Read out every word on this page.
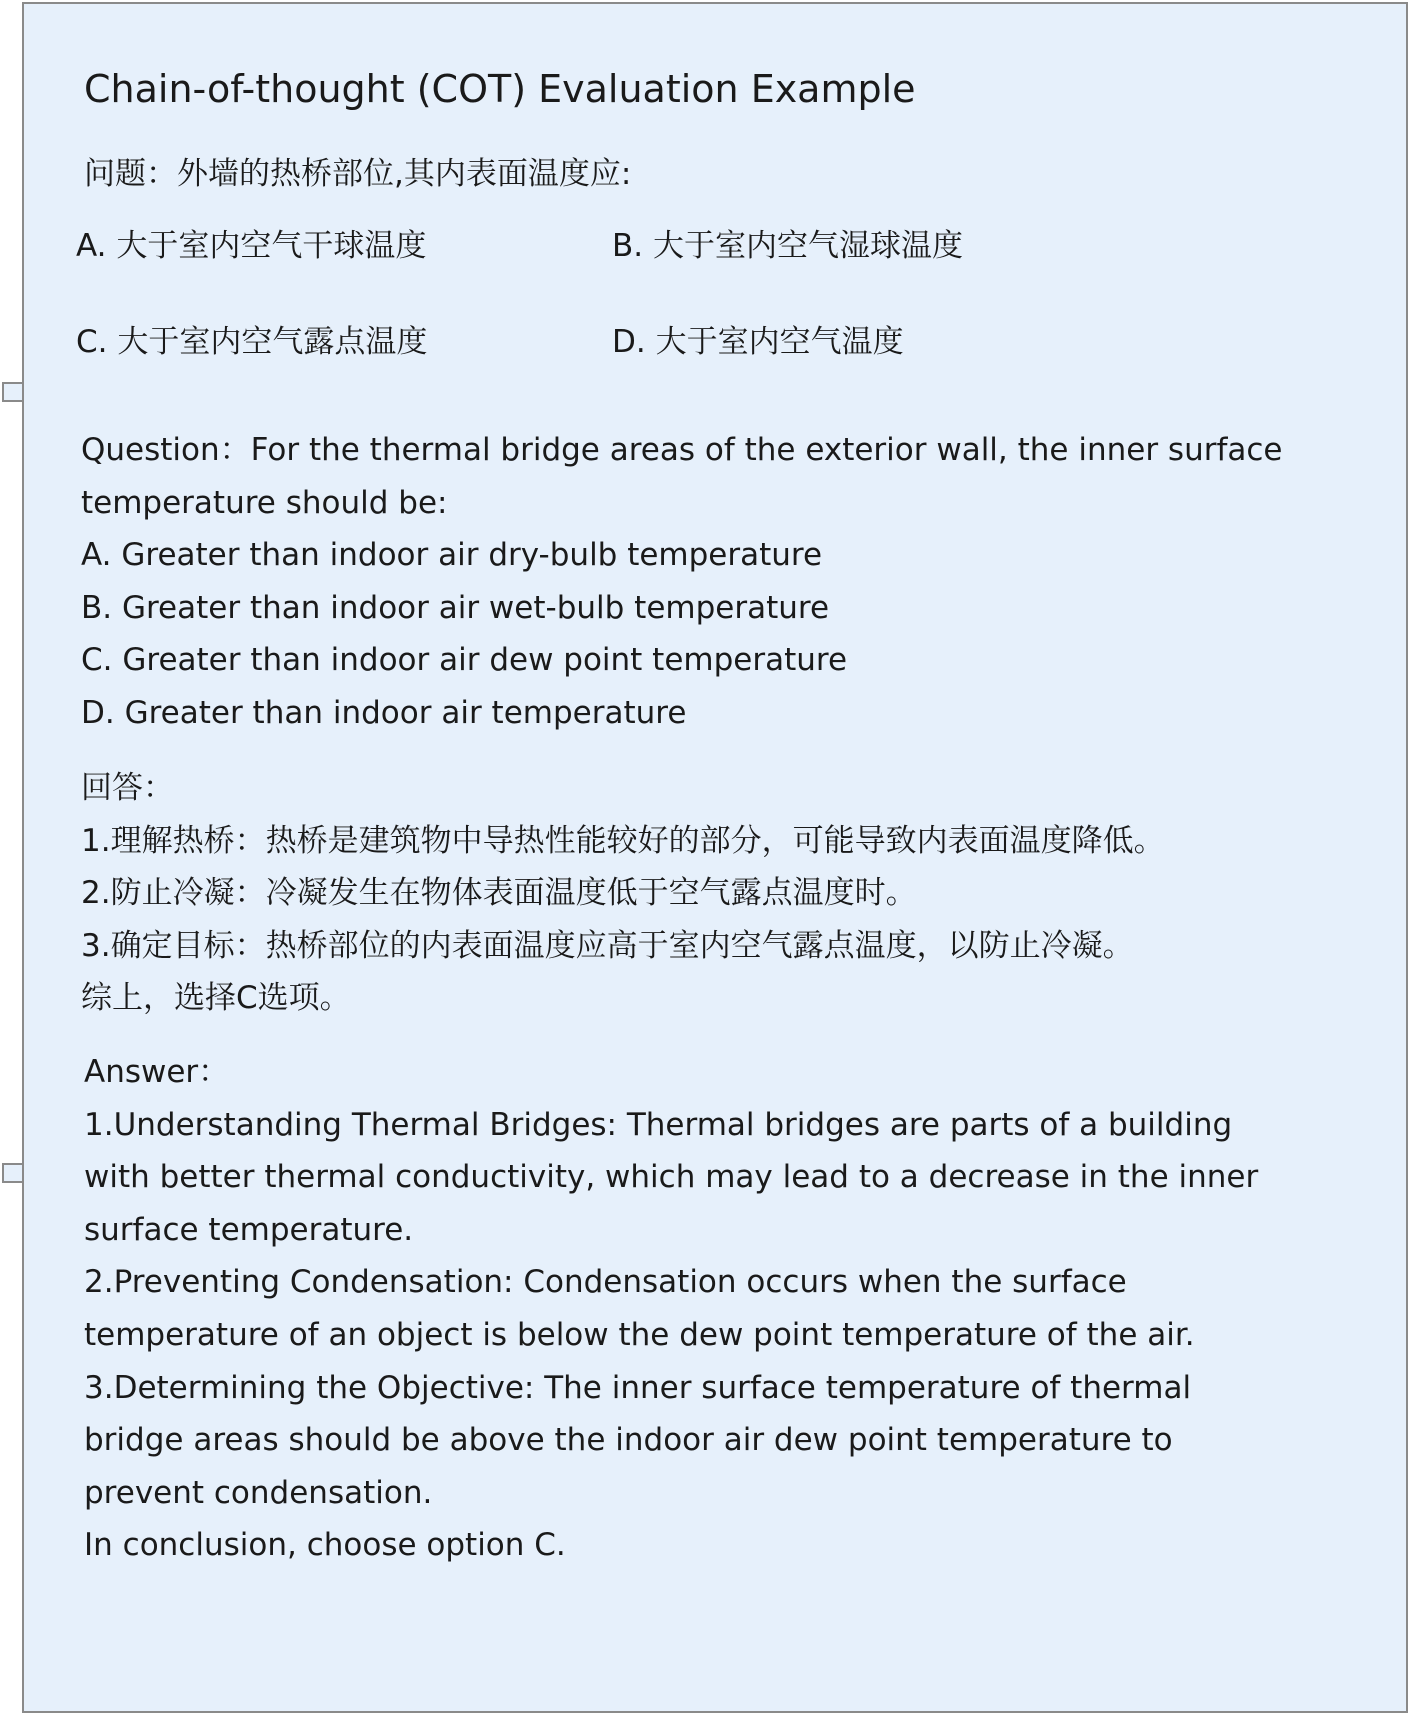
Chain-of-thought (COT) Evaluation Example
问题：外墙的热桥部位,其内表面温度应:
A. 大于室内空气干球温度	B. 大于室内空气湿球温度
C. 大于室内空气露点温度	D. 大于室内空气温度
Question：For the thermal bridge areas of the exterior wall, the inner surface
temperature should be:
A. Greater than indoor air dry-bulb temperature
B. Greater than indoor air wet-bulb temperature
C. Greater than indoor air dew point temperature
D. Greater than indoor air temperature
回答：
1.理解热桥：热桥是建筑物中导热性能较好的部分，可能导致内表面温度降低。
2.防止冷凝：冷凝发生在物体表面温度低于空气露点温度时。
3.确定目标：热桥部位的内表面温度应高于室内空气露点温度，以防止冷凝。
综上，选择C选项。
Answer：
1.Understanding Thermal Bridges: Thermal bridges are parts of a building
with better thermal conductivity, which may lead to a decrease in the inner
surface temperature.
2.Preventing Condensation: Condensation occurs when the surface
temperature of an object is below the dew point temperature of the air.
3.Determining the Objective: The inner surface temperature of thermal
bridge areas should be above the indoor air dew point temperature to
prevent condensation.
In conclusion, choose option C.
